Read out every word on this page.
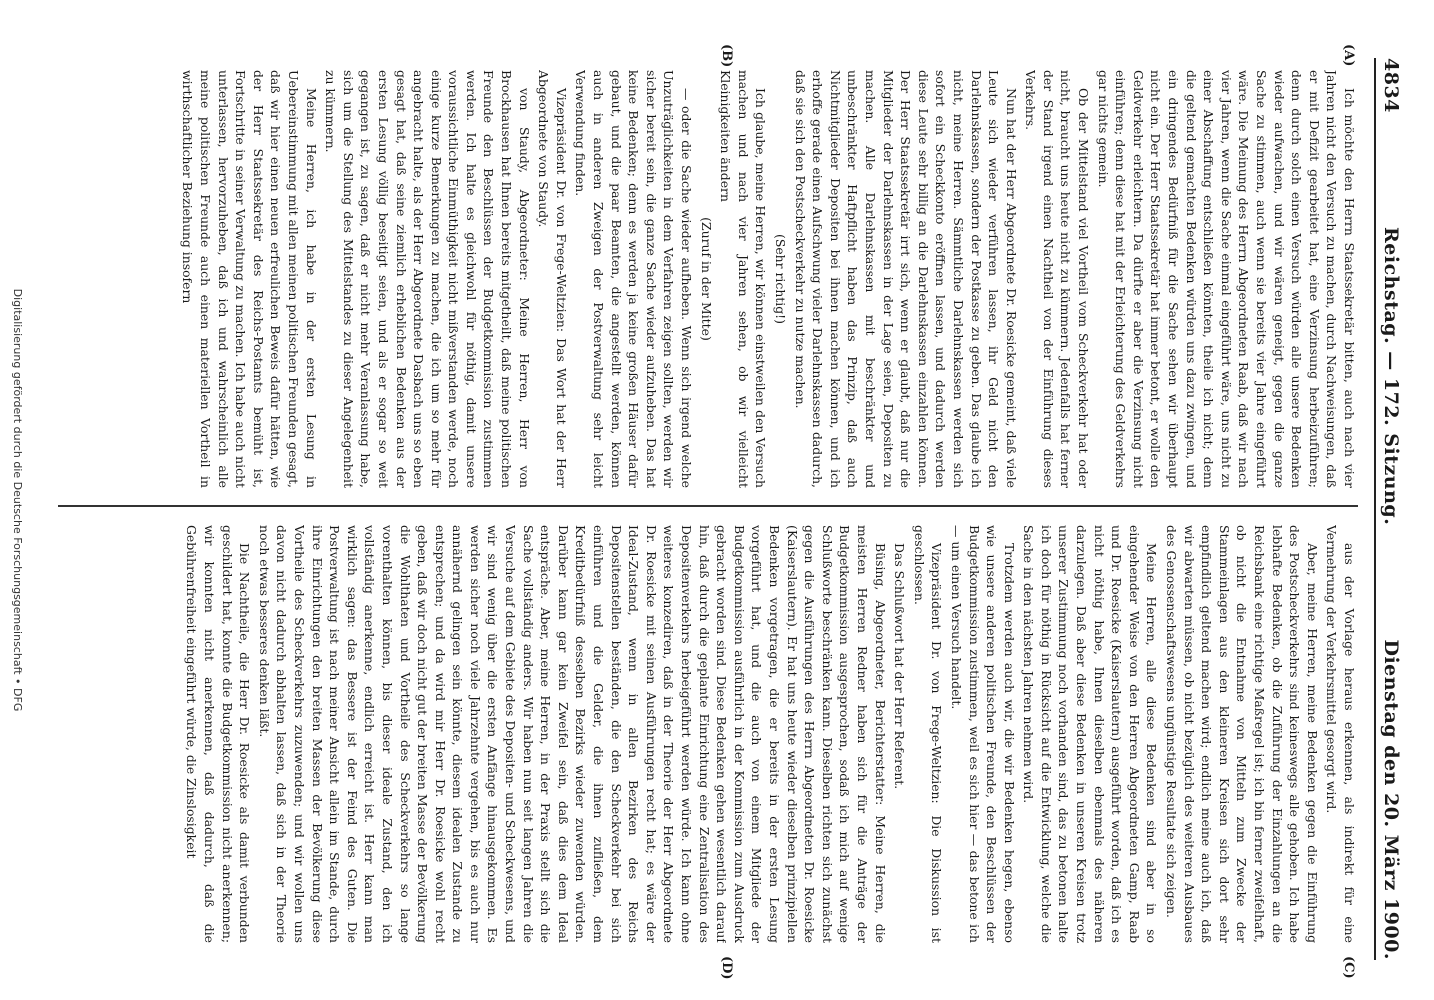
4834
Reichstag. — 172. Sitzung.
Dienstag den 20. März 1900.
(A)
(B)
(C)
(D)

Ich möchte den Herrn Staatssekretär bitten, auch nach vier Jahren nicht den Versuch zu machen, durch Nachweisungen, daß er mit Defizit gearbeitet hat, eine Verzinsung herbeizuführen; denn durch solch einen Versuch würden alle unsere Bedenken wieder aufwachen, und wir wären geneigt, gegen die ganze Sache zu stimmen, auch wenn sie bereits vier Jahre eingeführt wäre. Die Meinung des Herrn Abgeordneten Raab, daß wir nach vier Jahren, wenn die Sache einmal eingeführt wäre, uns nicht zu einer Abschaffung entschließen könnten, theile ich nicht; denn die geltend gemachten Bedenken würden uns dazu zwingen, und ein dringendes Bedürfniß für die Sache sehen wir überhaupt nicht ein. Der Herr Staatssekretär hat immer betont, er wolle den Geldverkehr erleichtern. Da dürfte er aber die Verzinsung nicht einführen; denn diese hat mit der Erleichterung des Geldverkehrs gar nichts gemein.

Ob der Mittelstand viel Vortheil vom Scheckverkehr hat oder nicht, braucht uns heute nicht zu kümmern. Jedenfalls hat ferner der Stand irgend einen Nachtheil von der Einführung dieses Verkehrs.

Nun hat der Herr Abgeordnete Dr. Roesicke gemeint, daß viele Leute sich wieder verführen lassen, ihr Geld nicht den Darlehnskassen, sondern der Postkasse zu geben. Das glaube ich nicht, meine Herren. Sämmtliche Darlehnskassen werden sich sofort ein Scheckkonto eröffnen lassen, und dadurch werden diese Leute sehr billig an die Darlehnskassen einzahlen können. Der Herr Staatssekretär irrt sich, wenn er glaubt, daß nur die Mitglieder der Darlehnskassen in der Lage seien, Depositen zu machen. Alle Darlehnskassen mit beschränkter und unbeschränkter Haftpflicht haben das Prinzip, daß auch Nichtmitglieder Depositen bei ihnen machen können, und ich erhoffe gerade einen Aufschwung vieler Darlehnskassen dadurch, daß sie sich den Postscheckverkehr zu nutze machen.

(Sehr richtig!)

Ich glaube, meine Herren, wir können einstweilen den Versuch machen und nach vier Jahren sehen, ob wir vielleicht Kleinigkeiten ändern

(Zuruf in der Mitte)

— oder die Sache wieder aufheben. Wenn sich irgend welche Unzuträglichkeiten in dem Verfahren zeigen sollten, werden wir sicher bereit sein, die ganze Sache wieder aufzuheben. Das hat keine Bedenken; denn es werden ja keine großen Häuser dafür gebaut, und die paar Beamten, die angestellt werden, können auch in anderen Zweigen der Postverwaltung sehr leicht Verwendung finden.

Vizepräsident Dr. von Frege-Weltzien: Das Wort hat der Herr Abgeordnete von Staudy.

von Staudy, Abgeordneter: Meine Herren, Herr von Brockhausen hat Ihnen bereits mitgetheilt, daß meine politischen Freunde den Beschlüssen der Budgetkommission zustimmen werden. Ich halte es gleichwohl für nöthig, damit unsere voraussichtliche Einmüthigkeit nicht mißverstanden werde, noch einige kurze Bemerkungen zu machen, die ich um so mehr für angebracht halte, als der Herr Abgeordnete Dasbach uns so eben gesagt hat, daß seine ziemlich erheblichen Bedenken aus der ersten Lesung völlig beseitigt seien, und als er sogar so weit gegangen ist, zu sagen, daß er nicht mehr Veranlassung habe, sich um die Stellung des Mittelstandes zu dieser Angelegenheit zu kümmern.

Meine Herren, ich habe in der ersten Lesung in Uebereinstimmung mit allen meinen politischen Freunden gesagt, daß wir hier einen neuen erfreulichen Beweis dafür hätten, wie der Herr Staatssekretär des Reichs-Postamts bemüht ist, Fortschritte in seiner Verwaltung zu machen. Ich habe auch nicht unterlassen, hervorzuheben, daß ich und wahrscheinlich alle meine politischen Freunde auch einen materiellen Vortheil in wirthschaftlicher Beziehung insofern

aus der Vorlage heraus erkennen, als indirekt für eine Vermehrung der Verkehrsmittel gesorgt wird.

Aber, meine Herren, meine Bedenken gegen die Einführung des Postscheckverkehrs sind keineswegs alle gehoben. Ich habe lebhafte Bedenken, ob die Zuführung der Einzahlungen an die Reichsbank eine richtige Maßregel ist; ich bin ferner zweifelhaft, ob nicht die Entnahme von Mitteln zum Zwecke der Stammeinlagen aus den kleineren Kreisen sich dort sehr empfindlich geltend machen wird; endlich meine auch ich, daß wir abwarten müssen, ob nicht bezüglich des weiteren Ausbaues des Genossenschaftswesens ungünstige Resultate sich zeigen.

Meine Herren, alle diese Bedenken sind aber in so eingehender Weise von den Herren Abgeordneten Gamp, Raab und Dr. Roesicke (Kaiserslautern) ausgeführt worden, daß ich es nicht nöthig habe, Ihnen dieselben ebenmals des näheren darzulegen. Daß aber diese Bedenken in unseren Kreisen trotz unserer Zustimmung noch vorhanden sind, das zu betonen halte ich doch für nöthig in Rücksicht auf die Entwicklung, welche die Sache in den nächsten Jahren nehmen wird.

Trotzdem werden auch wir, die wir Bedenken hegen, ebenso wie unsere anderen politischen Freunde, den Beschlüssen der Budgetkommission zustimmen, weil es sich hier — das betone ich — um einen Versuch handelt.

Vizepräsident Dr. von Frege-Weltzien: Die Diskussion ist geschlossen.

Das Schlußwort hat der Herr Referent.

Büsing, Abgeordneter, Berichterstatter: Meine Herren, die meisten Herren Redner haben sich für die Anträge der Budgetkommission ausgesprochen, sodaß ich mich auf wenige Schlußworte beschränken kann. Dieselben richten sich zunächst gegen die Ausführungen des Herrn Abgeordneten Dr. Roesicke (Kaiserslautern). Er hat uns heute wieder dieselben prinzipiellen Bedenken vorgetragen, die er bereits in der ersten Lesung vorgeführt hat, und die auch von einem Mitgliede der Budgetkommission ausführlich in der Kommission zum Ausdruck gebracht worden sind. Diese Bedenken gehen wesentlich darauf hin, daß durch die geplante Einrichtung eine Zentralisation des Depositenverkehrs herbeigeführt werden würde. Ich kann ohne weiteres konzediren, daß in der Theorie der Herr Abgeordnete Dr. Roesicke mit seinen Ausführungen recht hat; es wäre der Ideal-Zustand, wenn in allen Bezirken des Reichs Depositenstellen beständen, die den Scheckverkehr bei sich einführen und die Gelder, die ihnen zufließen, dem Kreditbedürfniß desselben Bezirks wieder zuwenden würden. Darüber kann gar kein Zweifel sein, daß dies dem Ideal entspräche. Aber, meine Herren, in der Praxis stellt sich die Sache vollständig anders. Wir haben nun seit langen Jahren die Versuche auf dem Gebiete des Depositen- und Scheckwesens, und wir sind wenig über die ersten Anfänge hinausgekommen. Es werden sicher noch viele Jahrzehnte vergehen, bis es auch nur annähernd gelingen sein könnte, diesem idealen Zustande zu entsprechen; und da wird mir Herr Dr. Roesicke wohl recht geben, daß wir doch nicht gut der breiten Masse der Bevölkerung die Wohlthaten und Vortheile des Scheckverkehrs so lange vorenthalten können, bis dieser ideale Zustand, den ich vollständig anerkenne, endlich erreicht ist. Herr kann man wirklich sagen: das Bessere ist der Feind des Guten. Die Postverwaltung ist nach meiner Ansicht allein im Stande, durch ihre Einrichtungen den breiten Massen der Bevölkerung diese Vortheile des Scheckverkehrs zuzuwenden; und wir wollen uns davon nicht dadurch abhalten lassen, daß sich in der Theorie noch etwas besseres denken läßt.

Die Nachtheile, die Herr Dr. Roesicke als damit verbunden geschildert hat, konnte die Budgetkommission nicht anerkennen; wir konnten nicht anerkennen, daß dadurch, daß die Gebührenfreiheit eingeführt würde, die Zinslosigkeit

Digitalisierung gefördert durch die Deutsche Forschungsgemeinschaft • DFG
